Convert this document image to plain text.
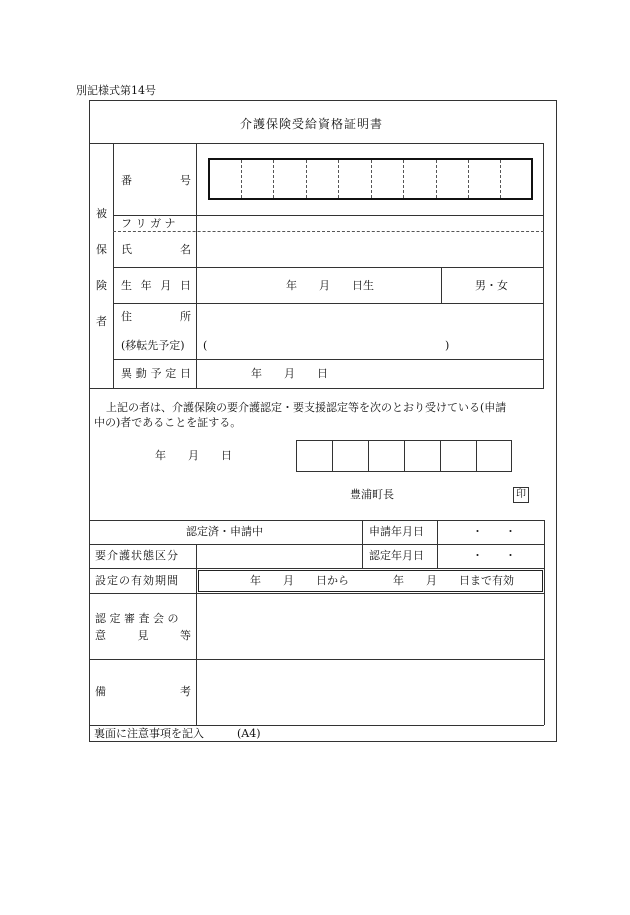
別記様式第14号
介護保険受給資格証明書
被
保
険
者
番	号
フ リ ガ ナ
氏	名
生 年 月 日	年　　月　　日生	男・女
住	所
(移転先予定) (	)
異 動 予 定 日	年　　月　　日
上記の者は、介護保険の要介護認定・要支援認定等を次のとおり受けている(申請
中の)者であることを証する。
年　　月　　日
豊浦町長	印
認定済・申請中	申請年月日	・　　・
要介護状態区分	認定年月日	・　　・
設定の有効期間	年　　月　　日から　　　　年　　月　　日まで有効
認 定 審 査 会 の
意	見	等
備	考
裏面に注意事項を記入	(A4)
